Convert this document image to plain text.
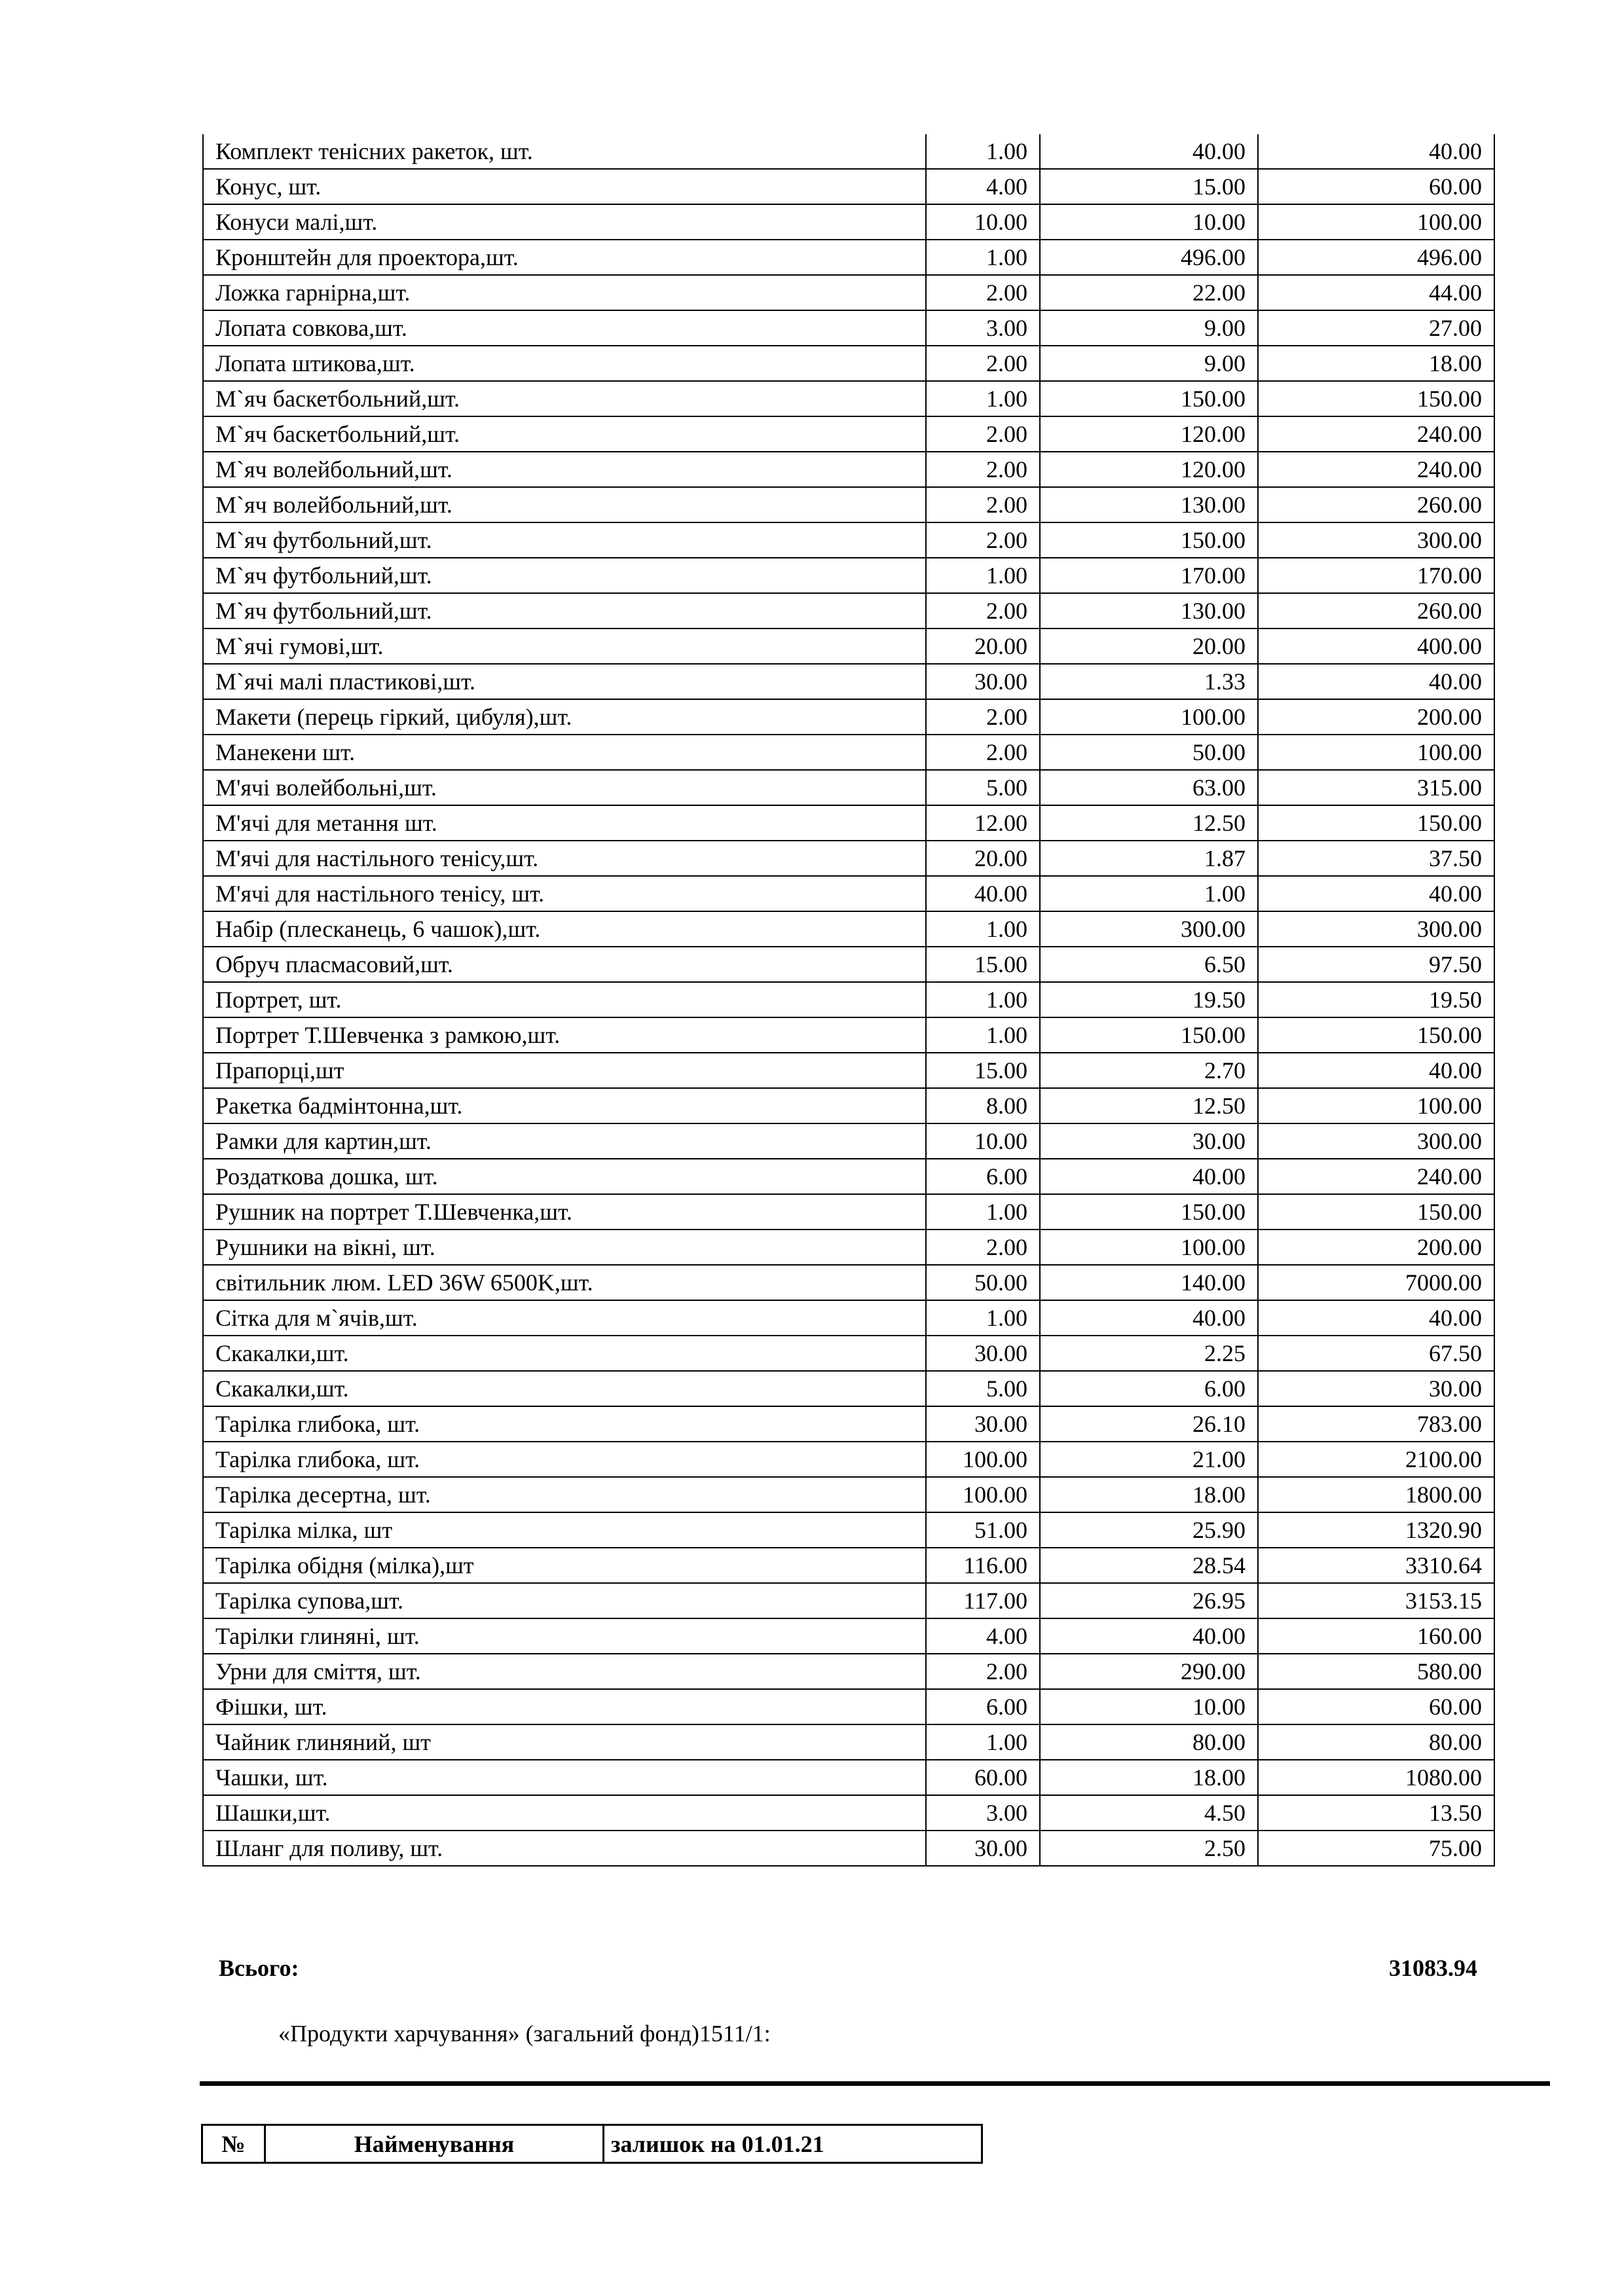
Комплект тенісних ракеток, шт.	1.00	40.00	40.00
Конус, шт.	4.00	15.00	60.00
Конуси малі,шт.	10.00	10.00	100.00
Кронштейн для проектора,шт.	1.00	496.00	496.00
Ложка гарнірна,шт.	2.00	22.00	44.00
Лопата совкова,шт.	3.00	9.00	27.00
Лопата штикова,шт.	2.00	9.00	18.00
М`яч баскетбольний,шт.	1.00	150.00	150.00
М`яч баскетбольний,шт.	2.00	120.00	240.00
М`яч волейбольний,шт.	2.00	120.00	240.00
М`яч волейбольний,шт.	2.00	130.00	260.00
М`яч футбольний,шт.	2.00	150.00	300.00
М`яч футбольний,шт.	1.00	170.00	170.00
М`яч футбольний,шт.	2.00	130.00	260.00
М`ячі гумові,шт.	20.00	20.00	400.00
М`ячі малі пластикові,шт.	30.00	1.33	40.00
Макети (перець гіркий, цибуля),шт.	2.00	100.00	200.00
Манекени шт.	2.00	50.00	100.00
М'ячі волейбольні,шт.	5.00	63.00	315.00
М'ячі для метання шт.	12.00	12.50	150.00
М'ячі для настільного тенісу,шт.	20.00	1.87	37.50
М'ячі для настільного тенісу, шт.	40.00	1.00	40.00
Набір (плесканець, 6 чашок),шт.	1.00	300.00	300.00
Обруч пласмасовий,шт.	15.00	6.50	97.50
Портрет, шт.	1.00	19.50	19.50
Портрет Т.Шевченка з рамкою,шт.	1.00	150.00	150.00
Прапорці,шт	15.00	2.70	40.00
Ракетка бадмінтонна,шт.	8.00	12.50	100.00
Рамки для картин,шт.	10.00	30.00	300.00
Роздаткова дошка, шт.	6.00	40.00	240.00
Рушник на портрет Т.Шевченка,шт.	1.00	150.00	150.00
Рушники на вікні, шт.	2.00	100.00	200.00
світильник люм. LED 36W 6500K,шт.	50.00	140.00	7000.00
Сітка для м`ячів,шт.	1.00	40.00	40.00
Скакалки,шт.	30.00	2.25	67.50
Скакалки,шт.	5.00	6.00	30.00
Тарілка глибока, шт.	30.00	26.10	783.00
Тарілка глибока, шт.	100.00	21.00	2100.00
Тарілка десертна, шт.	100.00	18.00	1800.00
Тарілка мілка, шт	51.00	25.90	1320.90
Тарілка обідня (мілка),шт	116.00	28.54	3310.64
Тарілка супова,шт.	117.00	26.95	3153.15
Тарілки глиняні, шт.	4.00	40.00	160.00
Урни для сміття, шт.	2.00	290.00	580.00
Фішки, шт.	6.00	10.00	60.00
Чайник глиняний, шт	1.00	80.00	80.00
Чашки, шт.	60.00	18.00	1080.00
Шашки,шт.	3.00	4.50	13.50
Шланг для поливу, шт.	30.00	2.50	75.00
Всього:	31083.94
«Продукти харчування» (загальний фонд)1511/1:
№	Найменування	залишок на 01.01.21
